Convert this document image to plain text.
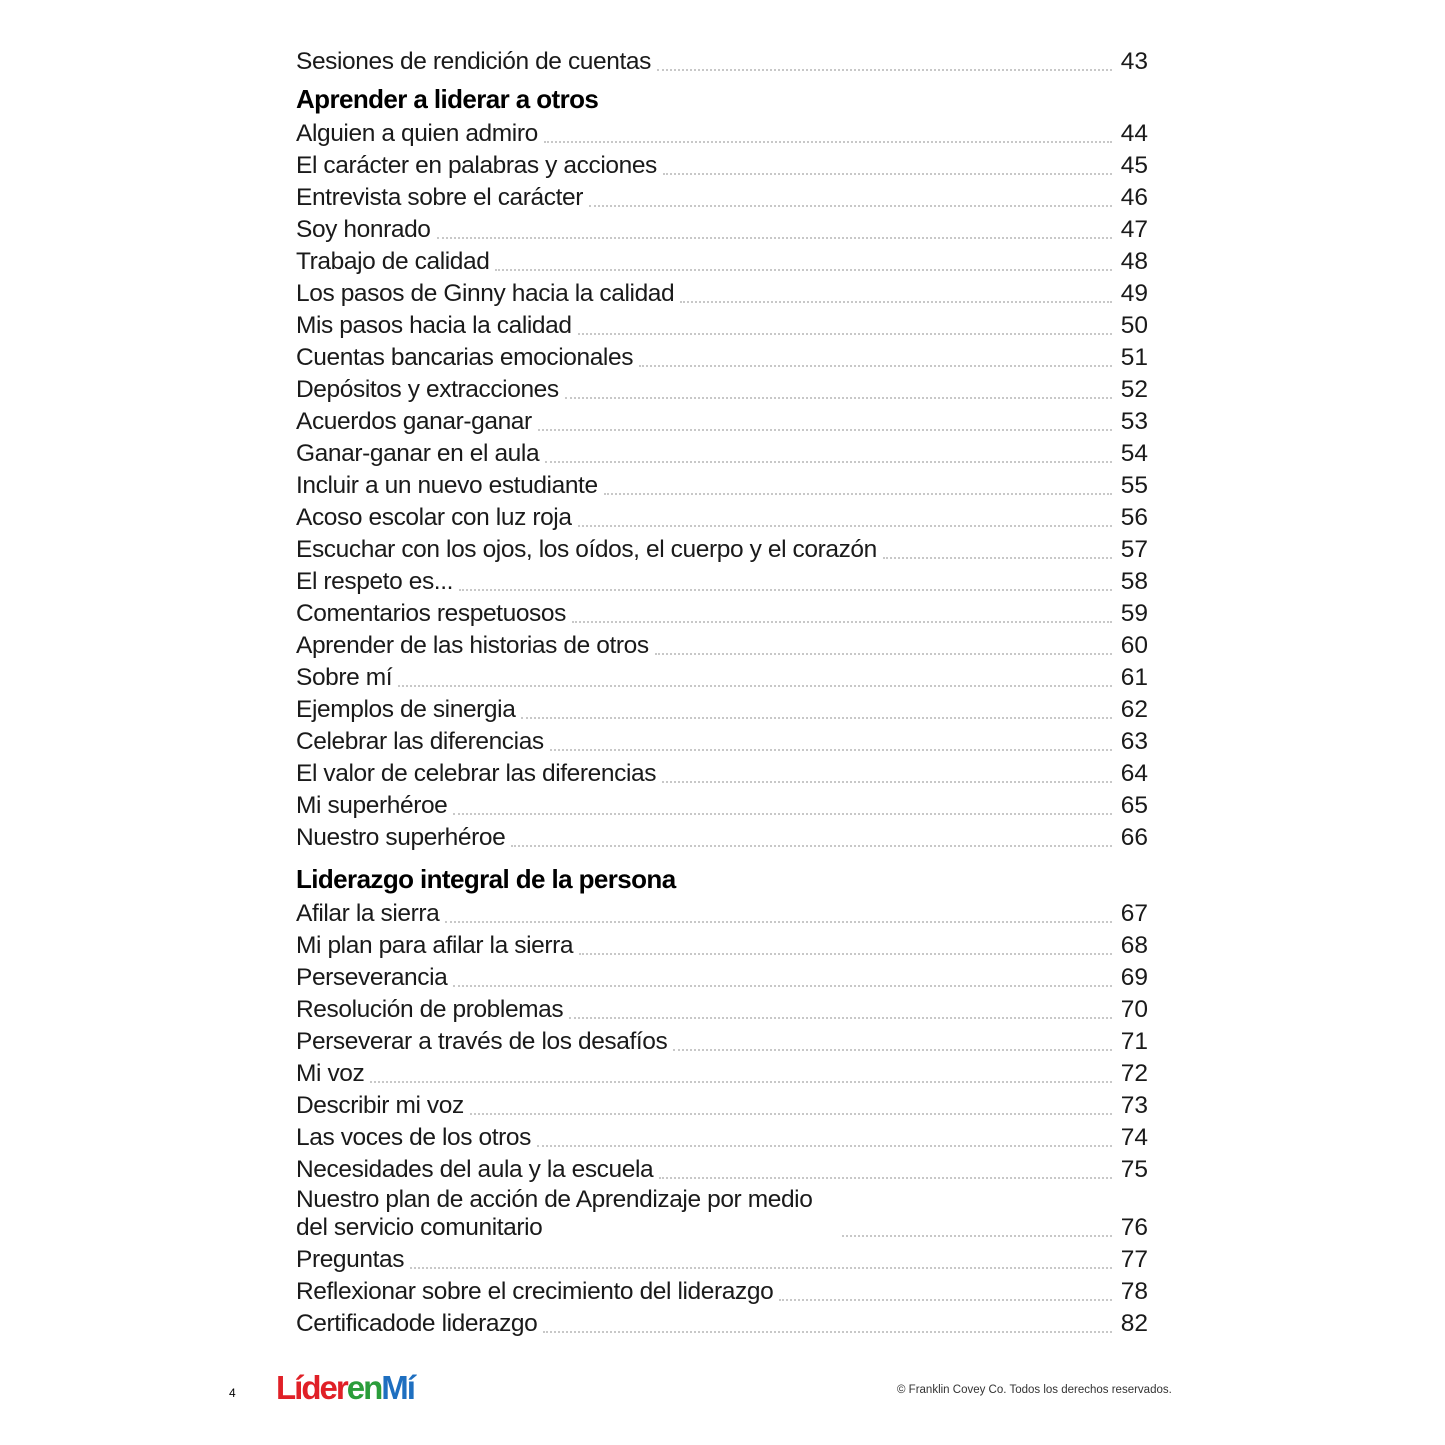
Sesiones de rendición de cuentas	43
Aprender a liderar a otros
Alguien a quien admiro	44
El carácter en palabras y acciones	45
Entrevista sobre el carácter	46
Soy honrado	47
Trabajo de calidad	48
Los pasos de Ginny hacia la calidad	49
Mis pasos hacia la calidad	50
Cuentas bancarias emocionales	51
Depósitos y extracciones	52
Acuerdos ganar-ganar	53
Ganar-ganar en el aula	54
Incluir a un nuevo estudiante	55
Acoso escolar con luz roja	56
Escuchar con los ojos, los oídos, el cuerpo y el corazón	57
El respeto es...	58
Comentarios respetuosos	59
Aprender de las historias de otros	60
Sobre mí	61
Ejemplos de sinergia	62
Celebrar las diferencias	63
El valor de celebrar las diferencias	64
Mi superhéroe	65
Nuestro superhéroe	66
Liderazgo integral de la persona
Afilar la sierra	67
Mi plan para afilar la sierra	68
Perseverancia	69
Resolución de problemas	70
Perseverar a través de los desafíos	71
Mi voz	72
Describir mi voz	73
Las voces de los otros	74
Necesidades del aula y la escuela	75
Nuestro plan de acción de Aprendizaje por medio del servicio comunitario	76
Preguntas	77
Reflexionar sobre el crecimiento del liderazgo	78
Certificadode liderazgo	82
4 LíderenMí	© Franklin Covey Co. Todos los derechos reservados.
